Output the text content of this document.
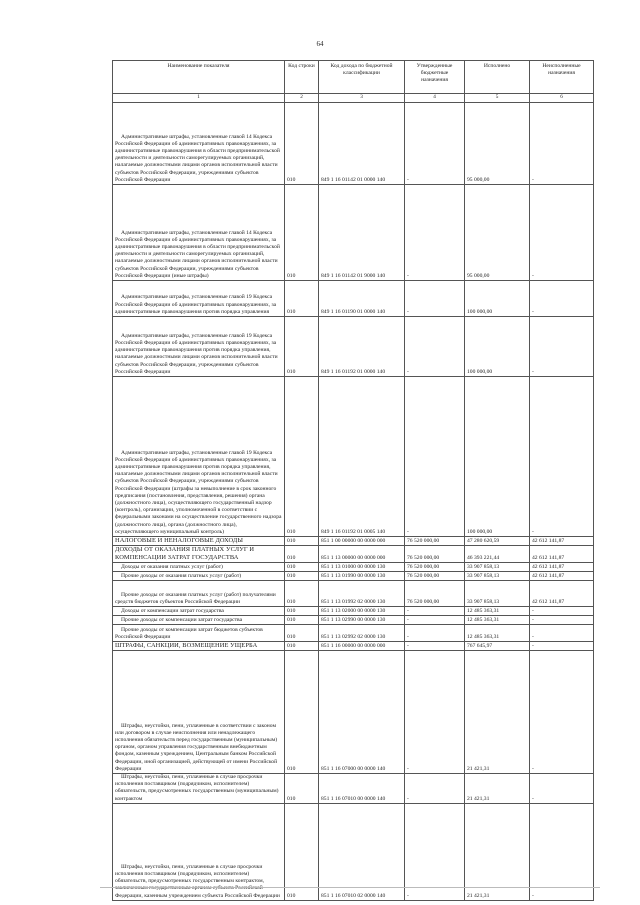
64
Наименование показателя	Код строки	Код дохода по бюджетной классификации	Утвержденные бюджетные назначения	Исполнено	Неисполненные назначения
1	2	3	4	5	6

Административные штрафы, установленные главой 14 Кодекса Российской Федерации об административных правонарушениях, за административные правонарушения в области предпринимательской деятельности и деятельности саморегулируемых организаций, налагаемые должностными лицами органов исполнительной власти субъектов Российской Федерации, учреждениями субъектов Российской Федерации	010	849 1 16 01142 01 0000 140	-	95 000,00	-

Административные штрафы, установленные главой 14 Кодекса Российской Федерации об административных правонарушениях, за административные правонарушения в области предпринимательской деятельности и деятельности саморегулируемых организаций, налагаемые должностными лицами органов исполнительной власти субъектов Российской Федерации, учреждениями субъектов Российской Федерации (иные штрафы)	010	849 1 16 01142 01 9000 140	-	95 000,00	-

Административные штрафы, установленные главой 19 Кодекса Российской Федерации об административных правонарушениях, за административные правонарушения против порядка управления	010	849 1 16 01190 01 0000 140	-	100 000,00	-

Административные штрафы, установленные главой 19 Кодекса Российской Федерации об административных правонарушениях, за административные правонарушения против порядка управления, налагаемые должностными лицами органов исполнительной власти субъектов Российской Федерации, учреждениями субъектов Российской Федерации	010	849 1 16 01192 01 0000 140	-	100 000,00	-

Административные штрафы, установленные главой 19 Кодекса Российской Федерации об административных правонарушениях, за административные правонарушения против порядка управления, налагаемые должностными лицами органов исполнительной власти субъектов Российской Федерации, учреждениями субъектов Российской Федерации (штрафы за невыполнение в срок законного предписания (постановления, представления, решения) органа (должностного лица), осуществляющего государственный надзор (контроль), организации, уполномоченной в соответствии с федеральными законами на осуществление государственного надзора (должностного лица), органа (должностного лица), осуществляющего муниципальный контроль)	010	849 1 16 01192 01 0005 140	-	100 000,00	-

НАЛОГОВЫЕ И НЕНАЛОГОВЫЕ ДОХОДЫ	010	851 1 00 00000 00 0000 000	76 520 000,00	47 280 620,59	42 612 141,87

ДОХОДЫ ОТ ОКАЗАНИЯ ПЛАТНЫХ УСЛУГ И КОМПЕНСАЦИИ ЗАТРАТ ГОСУДАРСТВА	010	851 1 13 00000 00 0000 000	76 520 000,00	46 393 221,44	42 612 141,87

Доходы от оказания платных услуг (работ)	010	851 1 13 01000 00 0000 130	76 520 000,00	33 907 858,13	42 612 141,87

Прочие доходы от оказания платных услуг (работ)	010	851 1 13 01990 00 0000 130	76 520 000,00	33 907 858,13	42 612 141,87

Прочие доходы от оказания платных услуг (работ) получателями средств бюджетов субъектов Российской Федерации	010	851 1 13 01992 02 0000 130	76 520 000,00	33 907 858,13	42 612 141,87

Доходы от компенсации затрат государства	010	851 1 13 02000 00 0000 130	-	12 485 363,31	-

Прочие доходы от компенсации затрат государства	010	851 1 13 02990 00 0000 130	-	12 485 363,31	-

Прочие доходы от компенсации затрат бюджетов субъектов Российской Федерации	010	851 1 13 02992 02 0000 130	-	12 485 363,31	-

ШТРАФЫ, САНКЦИИ, ВОЗМЕЩЕНИЕ УЩЕРБА	010	851 1 16 00000 00 0000 000	-	767 645,97	-

Штрафы, неустойки, пени, уплаченные в соответствии с законом или договором в случае неисполнения или ненадлежащего исполнения обязательств перед государственным (муниципальным) органом, органом управления государственным внебюджетным фондом, казенным учреждением, Центральным банком Российской Федерации, иной организацией, действующей от имени Российской Федерации	010	851 1 16 07000 00 0000 140	-	21 421,31	-

Штрафы, неустойки, пени, уплаченные в случае просрочки исполнения поставщиком (подрядчиком, исполнителем) обязательств, предусмотренных государственным (муниципальным) контрактом	010	851 1 16 07010 00 0000 140	-	21 421,31	-

Штрафы, неустойки, пени, уплаченные в случае просрочки исполнения поставщиком (подрядчиком, исполнителем) обязательств, предусмотренных государственным контрактом, заключенным государственным органом субъекта Российской Федерации, казенным учреждением субъекта Российской Федерации	010	851 1 16 07010 02 0000 140	-	21 421,31	-
